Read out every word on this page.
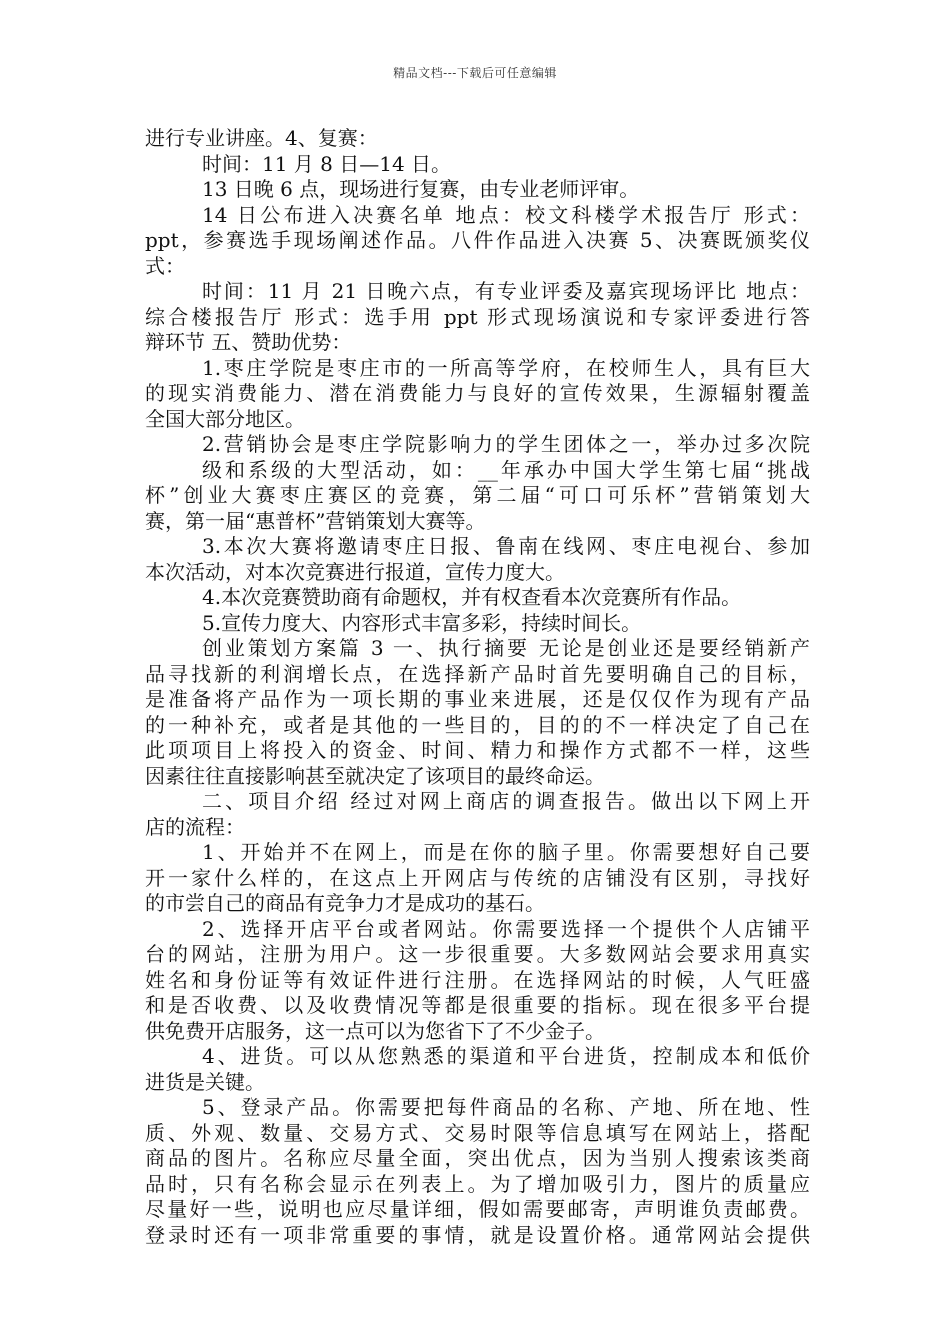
精品文档---下载后可任意编辑
进行专业讲座。4、复赛：
时间：11 月 8 日—14 日。
13 日晚 6 点，现场进行复赛，由专业老师评审。
14 日公布进入决赛名单 地点：校文科楼学术报告厅 形式：
ppt，参赛选手现场阐述作品。八件作品进入决赛 5、决赛既颁奖仪
式：
时间：11 月 21 日晚六点，有专业评委及嘉宾现场评比 地点：
综合楼报告厅 形式：选手用 ppt 形式现场演说和专家评委进行答
辩环节 五、赞助优势：
1.枣庄学院是枣庄市的一所高等学府，在校师生人，具有巨大
的现实消费能力、潜在消费能力与良好的宣传效果，生源辐射覆盖
全国大部分地区。
2.营销协会是枣庄学院影响力的学生团体之一，举办过多次院
级和系级的大型活动，如：__年承办中国大学生第七届“挑战
杯”创业大赛枣庄赛区的竞赛，第二届“可口可乐杯”营销策划大
赛，第一届“惠普杯”营销策划大赛等。
3.本次大赛将邀请枣庄日报、鲁南在线网、枣庄电视台、参加
本次活动，对本次竞赛进行报道，宣传力度大。
4.本次竞赛赞助商有命题权，并有权查看本次竞赛所有作品。
5.宣传力度大、内容形式丰富多彩，持续时间长。
创业策划方案篇 3 一、执行摘要 无论是创业还是要经销新产
品寻找新的利润增长点，在选择新产品时首先要明确自己的目标，
是准备将产品作为一项长期的事业来进展，还是仅仅作为现有产品
的一种补充，或者是其他的一些目的，目的的不一样决定了自己在
此项项目上将投入的资金、时间、精力和操作方式都不一样，这些
因素往往直接影响甚至就决定了该项目的最终命运。
二、项目介绍 经过对网上商店的调查报告。做出以下网上开
店的流程：
1、开始并不在网上，而是在你的脑子里。你需要想好自己要
开一家什么样的，在这点上开网店与传统的店铺没有区别，寻找好
的市尝自己的商品有竞争力才是成功的基石。
2、选择开店平台或者网站。你需要选择一个提供个人店铺平
台的网站，注册为用户。这一步很重要。大多数网站会要求用真实
姓名和身份证等有效证件进行注册。在选择网站的时候，人气旺盛
和是否收费、以及收费情况等都是很重要的指标。现在很多平台提
供免费开店服务，这一点可以为您省下了不少金子。
4、进货。可以从您熟悉的渠道和平台进货，控制成本和低价
进货是关键。
5、登录产品。你需要把每件商品的名称、产地、所在地、性
质、外观、数量、交易方式、交易时限等信息填写在网站上，搭配
商品的图片。名称应尽量全面，突出优点，因为当别人搜索该类商
品时，只有名称会显示在列表上。为了增加吸引力，图片的质量应
尽量好一些，说明也应尽量详细，假如需要邮寄，声明谁负责邮费。
登录时还有一项非常重要的事情，就是设置价格。通常网站会提供
